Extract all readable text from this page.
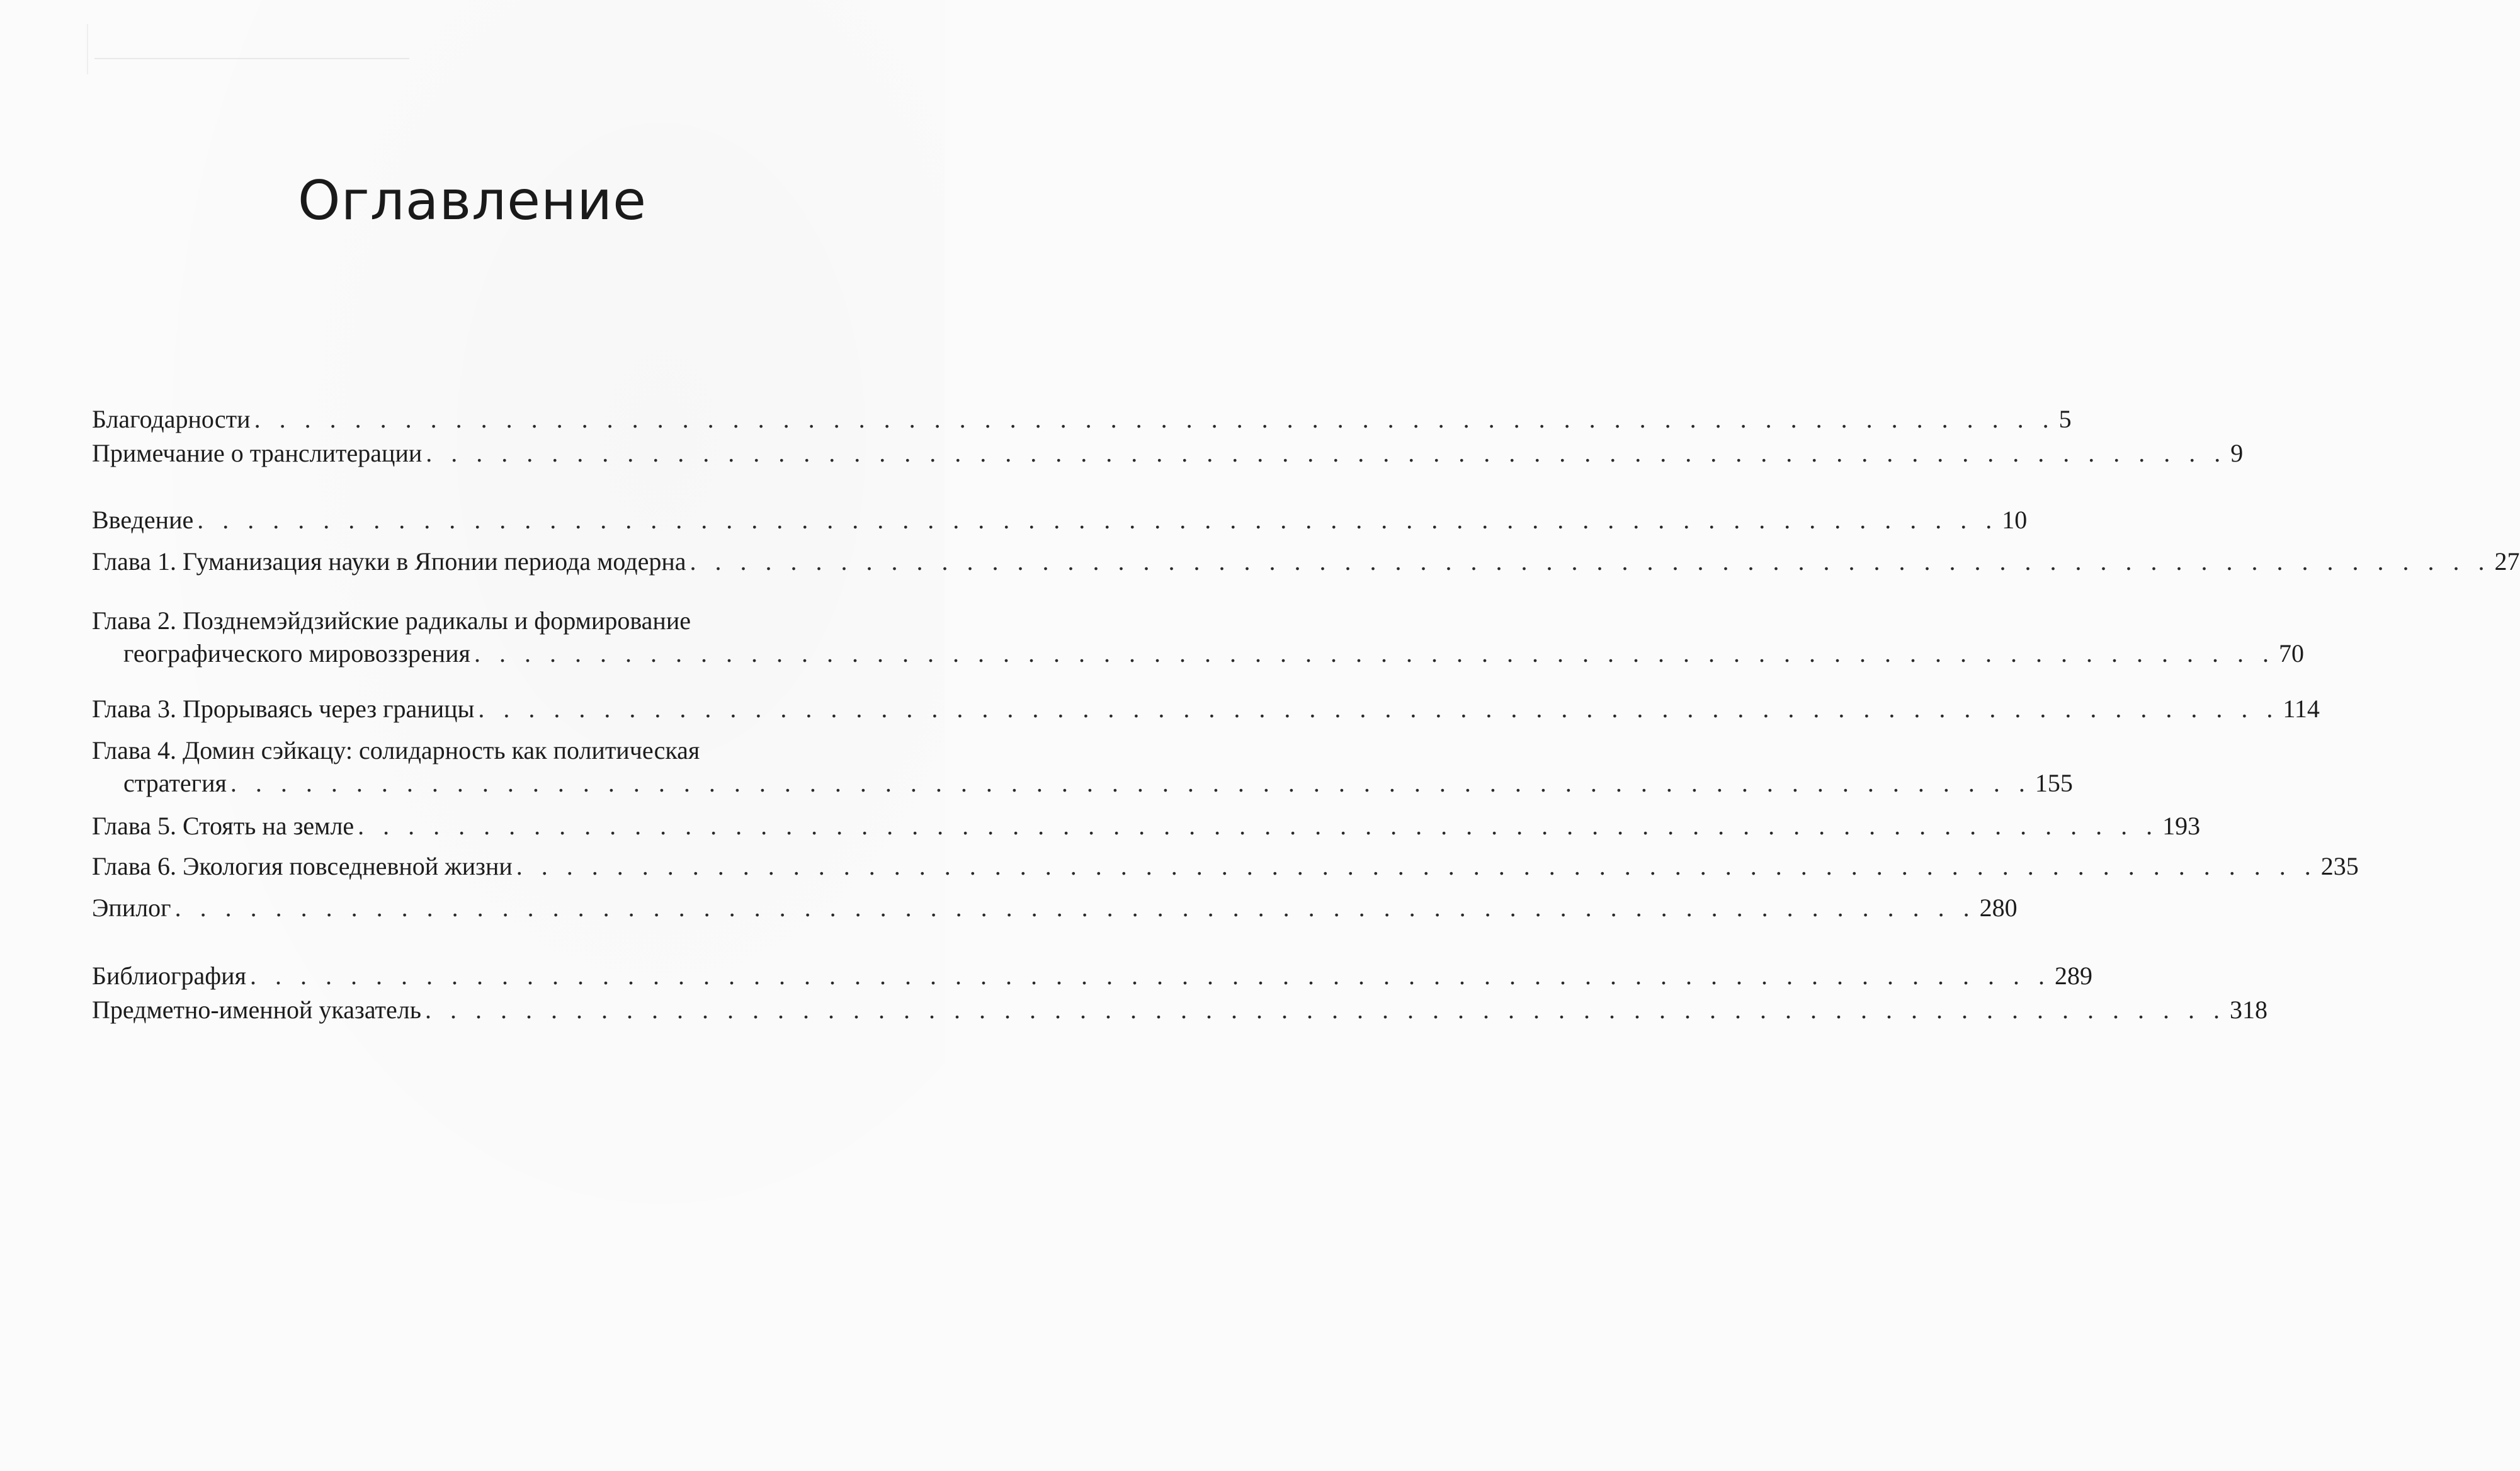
Оглавление
Благодарности . . . . . . . . . . . . . . . . . . . . . . . . . . . . . . . . . . . . . . . . . . . . . . . . . . . . . . . . . . . . . . . . . . . . . . . . 5
Примечание о транслитерации . . . . . . . . . . . . . . . . . . . . . . . . . . . . . . . . . . . . . . . . . . . . . . . . . . . . . . . . . . . . . . . . . . . . . . . . 9
Введение . . . . . . . . . . . . . . . . . . . . . . . . . . . . . . . . . . . . . . . . . . . . . . . . . . . . . . . . . . . . . . . . . . . . . . . . 10
Глава 1. Гуманизация науки в Японии периода модерна . . . . . . . . . . . . . . . . . . . . . . . . . . . . . . . . . . . . . . . . . . . . . . . . . . . . . . . . . . . . . . . . . . . . . . . . 27
Глава 2. Позднемэйдзийские радикалы и формирование
географического мировоззрения . . . . . . . . . . . . . . . . . . . . . . . . . . . . . . . . . . . . . . . . . . . . . . . . . . . . . . . . . . . . . . . . . . . . . . . . 70
Глава 3. Прорываясь через границы . . . . . . . . . . . . . . . . . . . . . . . . . . . . . . . . . . . . . . . . . . . . . . . . . . . . . . . . . . . . . . . . . . . . . . . . 114
Глава 4. Домин сэйкацу: солидарность как политическая
стратегия . . . . . . . . . . . . . . . . . . . . . . . . . . . . . . . . . . . . . . . . . . . . . . . . . . . . . . . . . . . . . . . . . . . . . . . . 155
Глава 5. Стоять на земле . . . . . . . . . . . . . . . . . . . . . . . . . . . . . . . . . . . . . . . . . . . . . . . . . . . . . . . . . . . . . . . . . . . . . . . . 193
Глава 6. Экология повседневной жизни . . . . . . . . . . . . . . . . . . . . . . . . . . . . . . . . . . . . . . . . . . . . . . . . . . . . . . . . . . . . . . . . . . . . . . . . 235
Эпилог . . . . . . . . . . . . . . . . . . . . . . . . . . . . . . . . . . . . . . . . . . . . . . . . . . . . . . . . . . . . . . . . . . . . . . . . 280
Библиография . . . . . . . . . . . . . . . . . . . . . . . . . . . . . . . . . . . . . . . . . . . . . . . . . . . . . . . . . . . . . . . . . . . . . . . . 289
Предметно-именной указатель . . . . . . . . . . . . . . . . . . . . . . . . . . . . . . . . . . . . . . . . . . . . . . . . . . . . . . . . . . . . . . . . . . . . . . . . 318
